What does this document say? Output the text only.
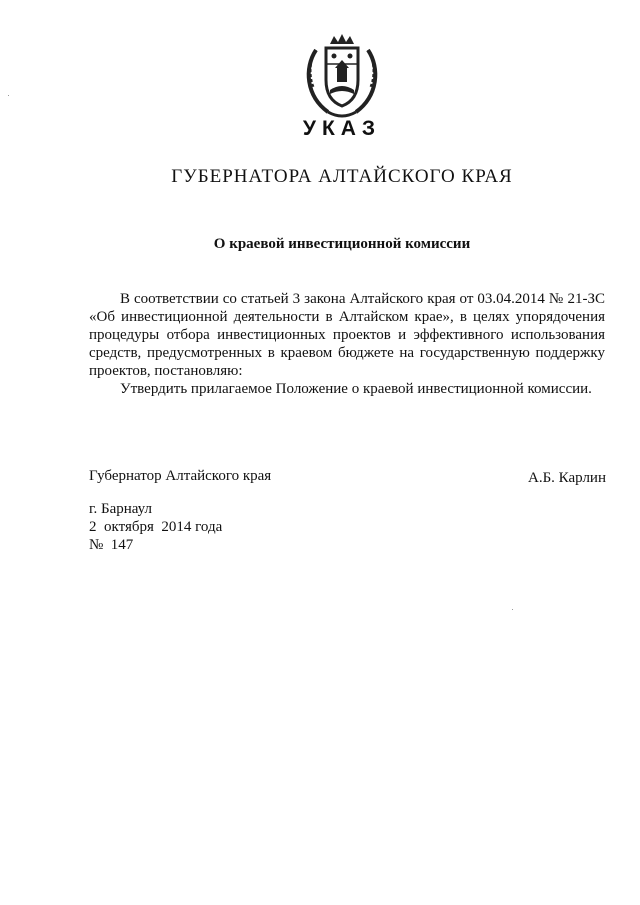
УКАЗ
ГУБЕРНАТОРА АЛТАЙСКОГО КРАЯ
О краевой инвестиционной комиссии

В соответствии со статьей 3 закона Алтайского края от 03.04.2014 № 21-ЗС «Об инвестиционной деятельности в Алтайском крае», в целях упорядочения процедуры отбора инвестиционных проектов и эффективного использования средств, предусмотренных в краевом бюджете на государственную поддержку проектов, постановляю:

Утвердить прилагаемое Положение о краевой инвестиционной комиссии.

Губернатор Алтайского края	А.Б. Карлин
г. Барнаул
2  октября  2014 года
№  147
